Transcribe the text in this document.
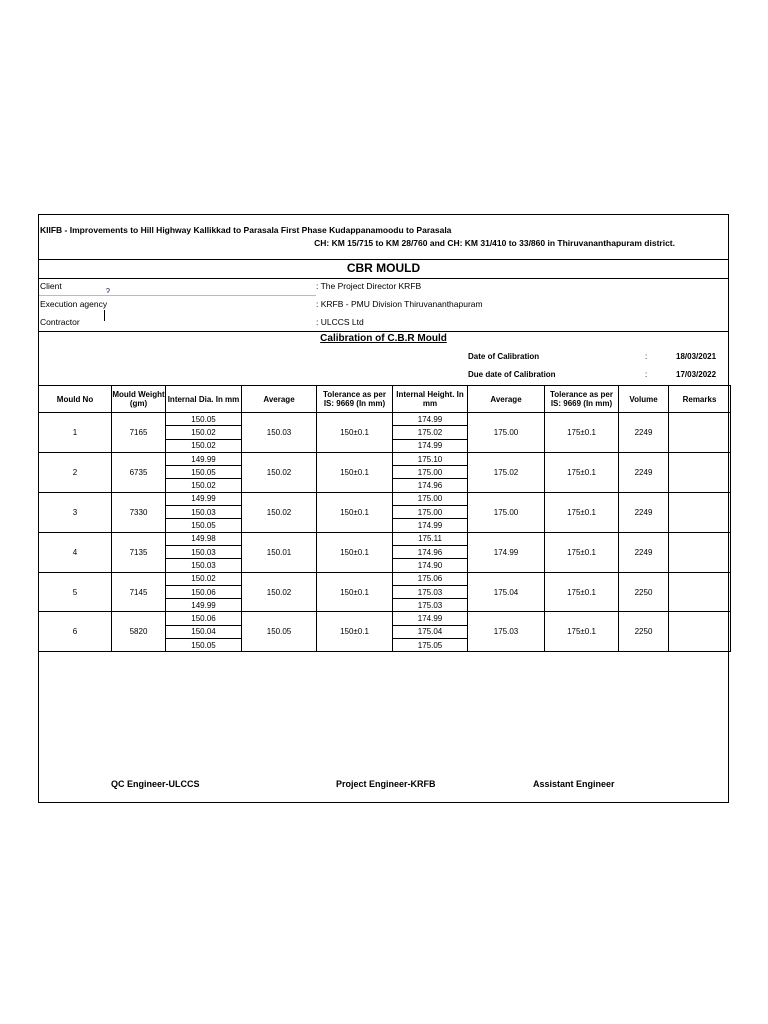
KIIFB - Improvements to Hill Highway Kallikkad to Parasala First Phase Kudappanamoodu to Parasala
CH: KM 15/715 to KM 28/760 and CH: KM 31/410 to 33/860 in Thiruvananthapuram district.
CBR MOULD
Client	ɂ	: The Project Director KRFB
Execution agency	: KRFB - PMU Division Thiruvananthapuram
Contractor	: ULCCS Ltd
Calibration of C.B.R Mould
Date of Calibration	:	18/03/2021
Due date of Calibration	:	17/03/2022
Mould No	Mould Weight (gm)	Internal Dia. In mm	Average	Tolerance as per IS: 9669 (In mm)	Internal Height. In mm	Average	Tolerance as per IS: 9669 (In mm)	Volume	Remarks
1	7165	150.05	150.03	150±0.1	174.99	175.00	175±0.1	2249	
		150.02			175.02				
		150.02			174.99				
2	6735	149.99	150.02	150±0.1	175.10	175.02	175±0.1	2249	
		150.05			175.00				
		150.02			174.96				
3	7330	149.99	150.02	150±0.1	175.00	175.00	175±0.1	2249	
		150.03			175.00				
		150.05			174.99				
4	7135	149.98	150.01	150±0.1	175.11	174.99	175±0.1	2249	
		150.03			174.96				
		150.03			174.90				
5	7145	150.02	150.02	150±0.1	175.06	175.04	175±0.1	2250	
		150.06			175.03				
		149.99			175.03				
6	5820	150.06	150.05	150±0.1	174.99	175.03	175±0.1	2250	
		150.04			175.04				
		150.05			175.05				
QC Engineer-ULCCS	Project Engineer-KRFB	Assistant Engineer
